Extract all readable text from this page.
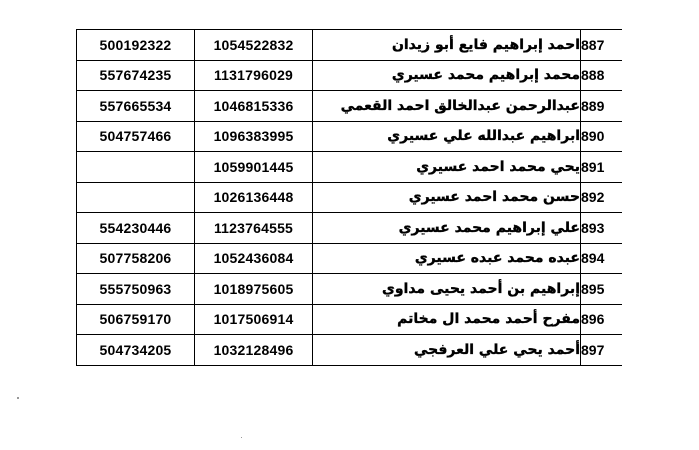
500192322	1054522832	احمد إبراهيم فايع أبو زيدان	887
557674235	1131796029	محمد إبراهيم محمد عسيري	888
557665534	1046815336	عبدالرحمن عبدالخالق احمد القعمي	889
504757466	1096383995	ابراهيم عبدالله علي عسيري	890
	1059901445	يحي محمد احمد عسيري	891
	1026136448	حسن محمد احمد عسيري	892
554230446	1123764555	علي إبراهيم محمد عسيري	893
507758206	1052436084	عبده محمد عبده عسيري	894
555750963	1018975605	إبراهيم بن أحمد يحيى مداوي	895
506759170	1017506914	مفرح أحمد محمد ال مخاتم	896
504734205	1032128496	أحمد يحي علي العرفجي	897
